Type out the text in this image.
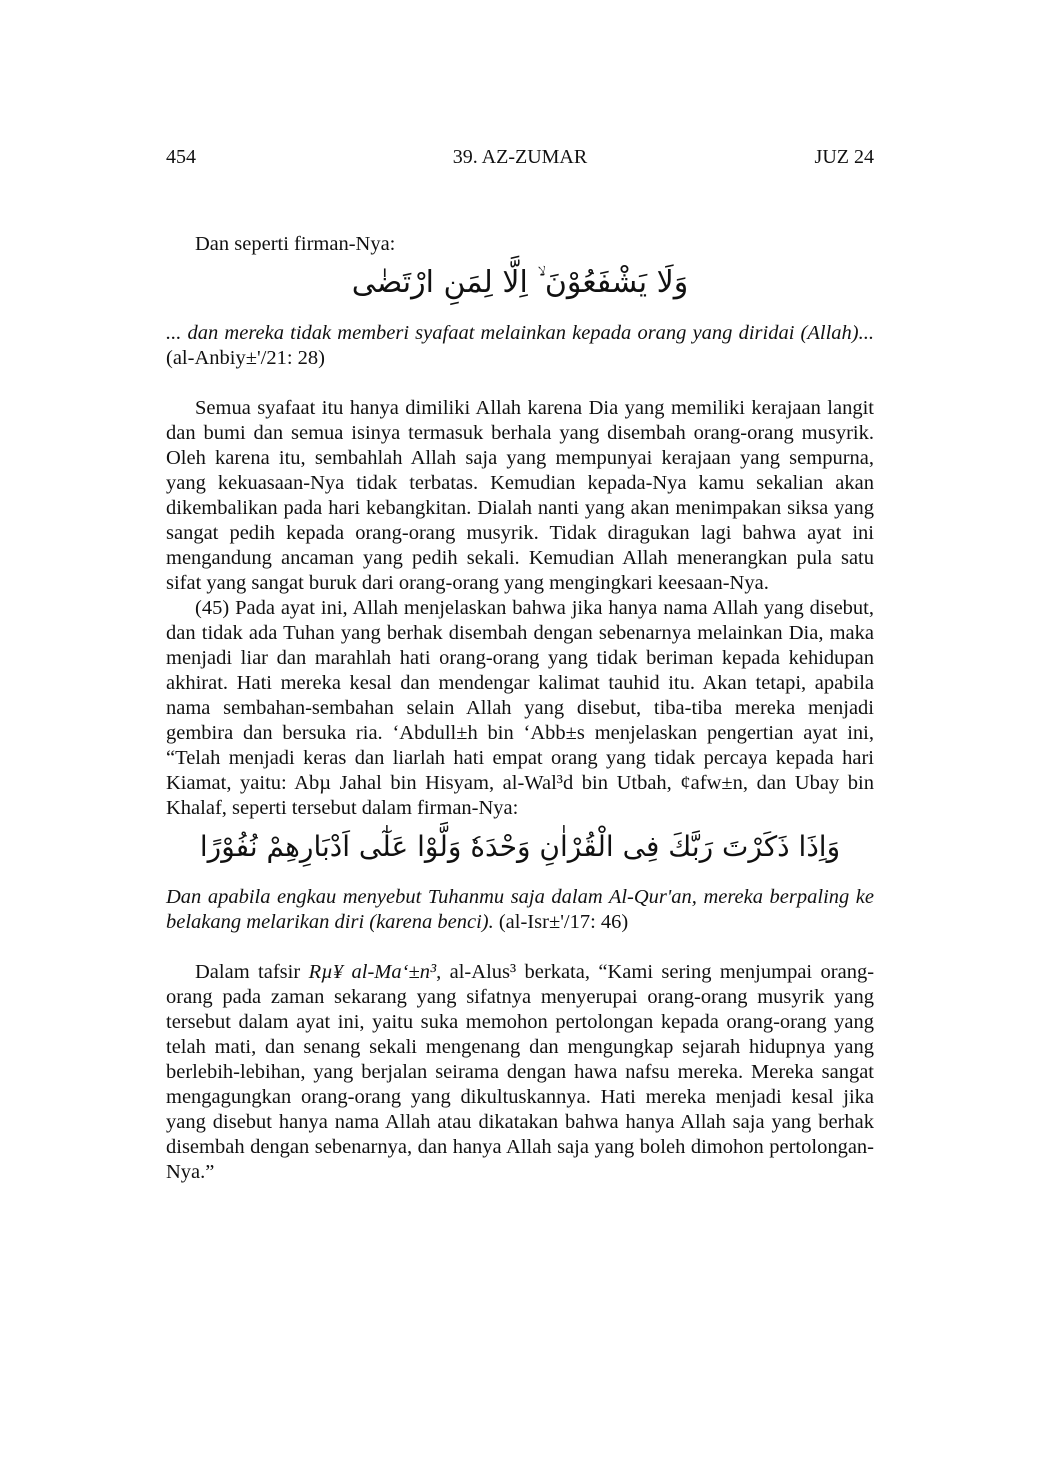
454	39. AZ-ZUMAR	JUZ 24

Dan seperti firman-Nya:

وَلَا يَشْفَعُوْنَ ۙ اِلَّا لِمَنِ ارْتَضٰى

... dan mereka tidak memberi syafaat melainkan kepada orang yang diridai (Allah)... (al-Anbiy±'/21: 28)

Semua syafaat itu hanya dimiliki Allah karena Dia yang memiliki kerajaan langit dan bumi dan semua isinya termasuk berhala yang disembah orang-orang musyrik. Oleh karena itu, sembahlah Allah saja yang mempunyai kerajaan yang sempurna, yang kekuasaan-Nya tidak terbatas. Kemudian kepada-Nya kamu sekalian akan dikembalikan pada hari kebangkitan. Dialah nanti yang akan menimpakan siksa yang sangat pedih kepada orang-orang musyrik. Tidak diragukan lagi bahwa ayat ini mengandung ancaman yang pedih sekali. Kemudian Allah menerangkan pula satu sifat yang sangat buruk dari orang-orang yang mengingkari keesaan-Nya.

(45) Pada ayat ini, Allah menjelaskan bahwa jika hanya nama Allah yang disebut, dan tidak ada Tuhan yang berhak disembah dengan sebenarnya melainkan Dia, maka menjadi liar dan marahlah hati orang-orang yang tidak beriman kepada kehidupan akhirat. Hati mereka kesal dan mendengar kalimat tauhid itu. Akan tetapi, apabila nama sembahan-sembahan selain Allah yang disebut, tiba-tiba mereka menjadi gembira dan bersuka ria. ‘Abdull±h bin ‘Abb±s menjelaskan pengertian ayat ini, “Telah menjadi keras dan liarlah hati empat orang yang tidak percaya kepada hari Kiamat, yaitu: Abµ Jahal bin Hisyam, al-Wal³d bin Utbah, ¢afw±n, dan Ubay bin Khalaf, seperti tersebut dalam firman-Nya:

وَاِذَا ذَكَرْتَ رَبَّكَ فِى الْقُرْاٰنِ وَحْدَهٗ وَلَّوْا عَلٰٓى اَدْبَارِهِمْ نُفُوْرًا

Dan apabila engkau menyebut Tuhanmu saja dalam Al-Qur'an, mereka berpaling ke belakang melarikan diri (karena benci). (al-Isr±'/17: 46)

Dalam tafsir Rµ¥ al-Ma‘±n³, al-Alus³ berkata, “Kami sering menjumpai orang-orang pada zaman sekarang yang sifatnya menyerupai orang-orang musyrik yang tersebut dalam ayat ini, yaitu suka memohon pertolongan kepada orang-orang yang telah mati, dan senang sekali mengenang dan mengungkap sejarah hidupnya yang berlebih-lebihan, yang berjalan seirama dengan hawa nafsu mereka. Mereka sangat mengagungkan orang-orang yang dikultuskannya. Hati mereka menjadi kesal jika yang disebut hanya nama Allah atau dikatakan bahwa hanya Allah saja yang berhak disembah dengan sebenarnya, dan hanya Allah saja yang boleh dimohon pertolongan-Nya.”
